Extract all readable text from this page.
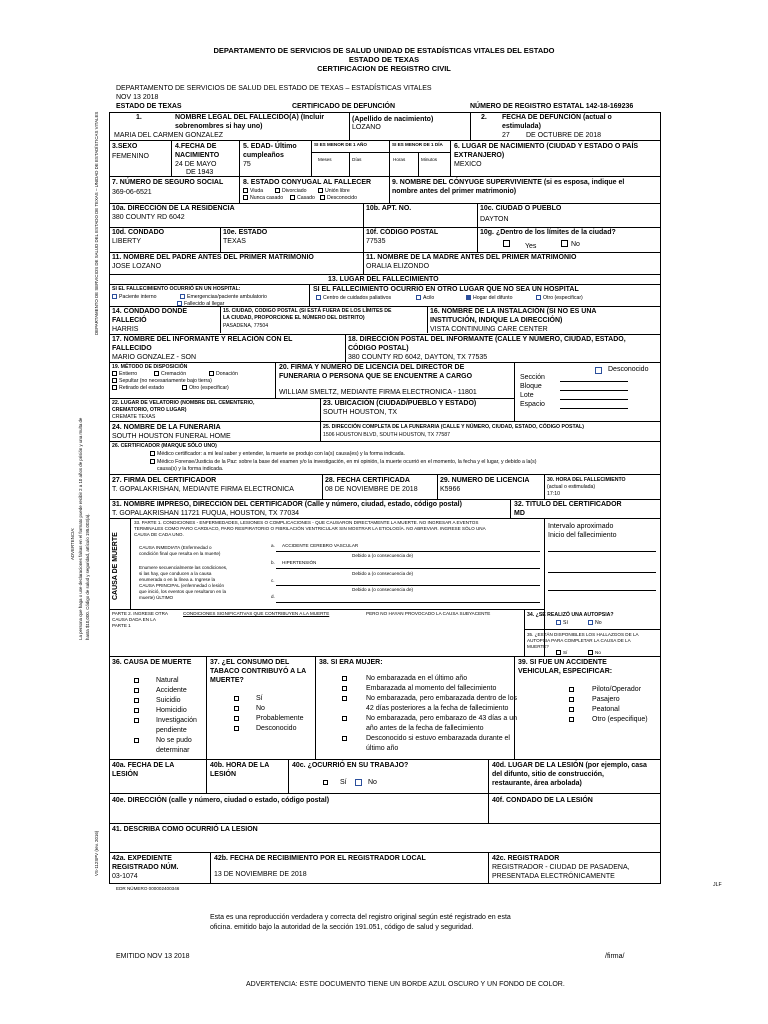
DEPARTAMENTO DE SERVICIOS DE SALUD UNIDAD DE ESTADÍSTICAS VITALES DEL ESTADO
ESTADO DE TEXAS
CERTIFICACION DE REGISTRO CIVIL
DEPARTAMENTO DE SERVICIOS DE SALUD DEL ESTADO DE TEXAS – ESTADÍSTICAS VITALES
NOV 13 2018
ESTADO DE TEXAS	CERTIFICADO DE DEFUNCIÓN	NÚMERO DE REGISTRO ESTATAL 142-18-169236
DEPARTAMENTO DE SERVICIOS DE SALUD DEL ESTADO DE TEXAS – UNIDAD DE ESTADÍSTICAS VITALES
ADVERTENCIA: La persona que haga o use declaraciones falsas en el formato puede recibir 2 a 10 años de prisión y una multa de hasta $10,000. Código de salud y seguridad, artículo 195.003(a).
VS-112SPV (rev. 2016)
1.	NOMBRE LEGAL DEL FALLECIDO(A) (Incluir
sobrenombres si hay uno)
MARIA DEL CARMEN GONZALEZ
(Apellido de nacimiento)
LOZANO
2. FECHA DE DEFUNCIÓN (actual o
estimulada)
27 DE OCTUBRE DE 2018
3.SEXO
FEMENINO
4.FECHA DE
NACIMIENTO
24 DE MAYO
DE 1943
5. EDAD- Último
cumpleaños
75
SI ES MENOR DE 1 AÑO	SI ES MENOR DE 1 DÍA
Meses	Días	Horas	Minutos
6. LUGAR DE NACIMIENTO (CIUDAD Y ESTADO O PAÍS
EXTRANJERO)
MEXICO
7. NÚMERO DE SEGURO SOCIAL
369-06-6521
8. ESTADO CONYUGAL AL FALLECER
Viuda	Divorciado	Unión libre
Nunca casado	Casado Desconocido
9. NOMBRE DEL CÓNYUGE SUPERVIVIENTE (si es esposa, indique el
nombre antes del primer matrimonio)
10a. DIRECCIÓN DE LA RESIDENCIA
380 COUNTY RD 6042
10b. APT. NO.	10c. CIUDAD O PUEBLO
DAYTON
10d. CONDADO
LIBERTY
10e. ESTADO
TEXAS
10f. CÓDIGO POSTAL
77535
10g. ¿Dentro de los límites de la ciudad?
Yes	No
11. NOMBRE DEL PADRE ANTES DEL PRIMER MATRIMONIO
JOSE LOZANO
11. NOMBRE DE LA MADRE ANTES DEL PRIMER MATRIMONIO
ORALIA ELIZONDO
13. LUGAR DEL FALLECIMIENTO
SI EL FALLECIMIENTO OCURRIÓ EN UN HOSPITAL:
Paciente interno	Emergencias/paciente ambulatorio
Fallecido al llegar
SI EL FALLECIMIENTO OCURRIÓ EN OTRO LUGAR QUE NO SEA UN HOSPITAL
Centro de cuidados paliativos	Acilo	Hogar del difunto	Otro (especificar)
14. CONDADO DONDE
FALLECIÓ
HARRIS
15. CIUDAD, CODIGO POSTAL (SI ESTÁ FUERA DE LOS LÍMITES DE
LA CIUDAD, PROPORCIONE EL NÚMERO DEL DISTRITO)
PASADENA, 77504
16. NOMBRE DE LA INSTALACIÓN (SI NO ES UNA
INSTITUCIÓN, INDIQUE LA DIRECCIÓN)
VISTA CONTINUING CARE CENTER
17. NOMBRE DEL INFORMANTE Y RELACIÓN CON EL
FALLECIDO
MARIO GONZALEZ - SON
18. DIRECCIÓN POSTAL DEL INFORMANTE (CALLE Y NÚMERO, CIUDAD, ESTADO,
CÓDIGO POSTAL)
380 COUNTY RD 6042, DAYTON, TX 77535
19. MÉTODO DE DISPOSICIÓN
Entierro	Cremación	Donación
Sepultar (no necesariamente bajo tierra)
Retirado del estado	Otro (especificar)
20. FIRMA Y NÚMERO DE LICENCIA DEL DIRECTOR DE
FUNERARIA O PERSONA QUE SE ENCUENTRE A CARGO
WILLIAM SMELTZ, MEDIANTE FIRMA ELECTRONICA - 11801
Desconocido
Sección
Bloque
Lote
Espacio
22. LUGAR DE VELATORIO (NOMBRE DEL CEMENTERIO,
CREMATORIO, OTRO LUGAR)
CREMATE TEXAS
23. UBICACIÓN (CIUDAD/PUEBLO Y ESTADO)
SOUTH HOUSTON, TX
24. NOMBRE DE LA FUNERARIA
SOUTH HOUSTON FUNERAL HOME
25. DIRECCIÓN COMPLETA DE LA FUNERARIA (CALLE Y NÚMERO, CIUDAD, ESTADO, CÓDIGO POSTAL)
1506 HOUSTON BLVD, SOUTH HOUSTON, TX 77587
26. CERTIFICADOR (MARQUE SÓLO UNO)
Médico certificador: a mi leal saber y entender, la muerte se produjo con la(s) causa(es) y la forma indicada.
Médico Forense/Justicia de la Paz: sobre la base del examen y/o la investigación, en mi opinión, la muerte ocurrió en el momento, la fecha y el lugar, y debido a la(s)
causa(s) y la forma indicada.
27. FIRMA DEL CERTIFICADOR
T. GOPALAKRISHAN, MEDIANTE FIRMA ELECTRONICA
28. FECHA CERTIFICADA
08 DE NOVIEMBRE DE 2018
29. NUMERO DE LICENCIA
K5966
30. HORA DEL FALLECIMIENTO
(actual o estimulada)
17:10
31. NOMBRE IMPRESO, DIRECCIÓN DEL CERTIFICADOR (Calle y número, ciudad, estado, código postal)
T. GOPALAKRISHAN 11721 FUQUA, HOUSTON, TX 77034
32. TITULO DEL CERTIFICADOR
MD
CAUSA DE MUERTE
33. PARTE 1. CONDICIONES - ENFERMEDADES, LESIONES O COMPLICACIONES - QUE CAUSARON DIRECTAMENTE LA MUERTE. NO INGRESAR A EVENTOS
TERMINALES COMO PARO CARDIACO, PARO RESPIRATORIO O FIBRILACIÓN VENTRICULAR SIN MOSTRAR LA ETIOLOGÍA. NO ABREVIAR. INGRESE SÓLO UNA
CAUSA DE CADA UNO.
Intervalo aproximado
Inicio del fallecimiento
CAUSA INMEDIATA (Enfermedad o
condición final que resulta en la muerte)
a. ACCIDENTE CEREBRO VASCULAR
Debido a (o consecuencia de)
b. HIPERTENSIÓN
Debido a (o consecuencia de)
c.
Debido a (o consecuencia de)
d.
Enumere secuencialmente las condiciones,
si las hay, que conducen a la causa
enumerada o en la línea a. Ingrese la
CAUSA PRINCIPAL (enfermedad o lesión
que inició, los eventos que resultaron en la
muerte) ÚLTIMO
PARTE 2. INGRESE OTRA	CONDICIONES SIGNIFICATIVAS QUE CONTRIBUYEN A LA MUERTE	PERO NO HAYAN PROVOCADO LA CAUSA SUBYACENTE
CAUSA DADA EN LA
PARTE 1
34. ¿SE REALIZÓ UNA AUTOPSIA?
Sí	No
35. ¿ESTÁN DISPONIBLES LOS HALLAZGOS DE LA
AUTOPSIA PARA COMPLETAR LA CAUSA DE LA
MUERTE?
Sí	No
36. CAUSA DE MUERTE
Natural
Accidente
Suicidio
Homicidio
Investigación
pendiente
No se pudo
determinar
37. ¿EL CONSUMO DEL
TABACO CONTRIBUYÓ A LA
MUERTE?
Sí
No
Probablemente
Desconocido
38. SI ERA MUJER:
No embarazada en el último año
Embarazada al momento del fallecimiento
No embarazada, pero embarazada dentro de los
42 días posteriores a la fecha de fallecimiento
No embarazada, pero embarazo de 43 días a un
año antes de la fecha de fallecimiento
Desconocido si estuvo embarazada durante el
último año
39. SI FUE UN ACCIDENTE
VEHICULAR, ESPECIFICAR:
Piloto/Operador
Pasajero
Peatonal
Otro (especifique)
40a. FECHA DE LA
LESIÓN
40b. HORA DE LA
LESIÓN
40c. ¿OCURRIÓ EN SU TRABAJO?
Sí	No
40d. LUGAR DE LA LESIÓN (por ejemplo, casa
del difunto, sitio de construcción,
restaurante, área arbolada)
40e. DIRECCIÓN (calle y número, ciudad o estado, código postal)	40f. CONDADO DE LA LESIÓN
41. DESCRIBA COMO OCURRIÓ LA LESION
42a. EXPEDIENTE
REGISTRADO NÚM.
03-1074
42b. FECHA DE RECIBIMIENTO POR EL REGISTRADOR LOCAL
13 DE NOVIEMBRE DE 2018
42c. REGISTRADOR
REGISTRADOR - CIUDAD DE PASADENA,
PRESENTADA ELECTRÓNICAMENTE
EDR NÚMERO 000002400346
JLF
Esta es una reproducción verdadera y correcta del registro original según esté registrado en esta
oficina. emitido bajo la autoridad de la sección 191.051, código de salud y seguridad.
EMITIDO NOV 13 2018	/firma/
ADVERTENCIA: ESTE DOCUMENTO TIENE UN BORDE AZUL OSCURO Y UN FONDO DE COLOR.
